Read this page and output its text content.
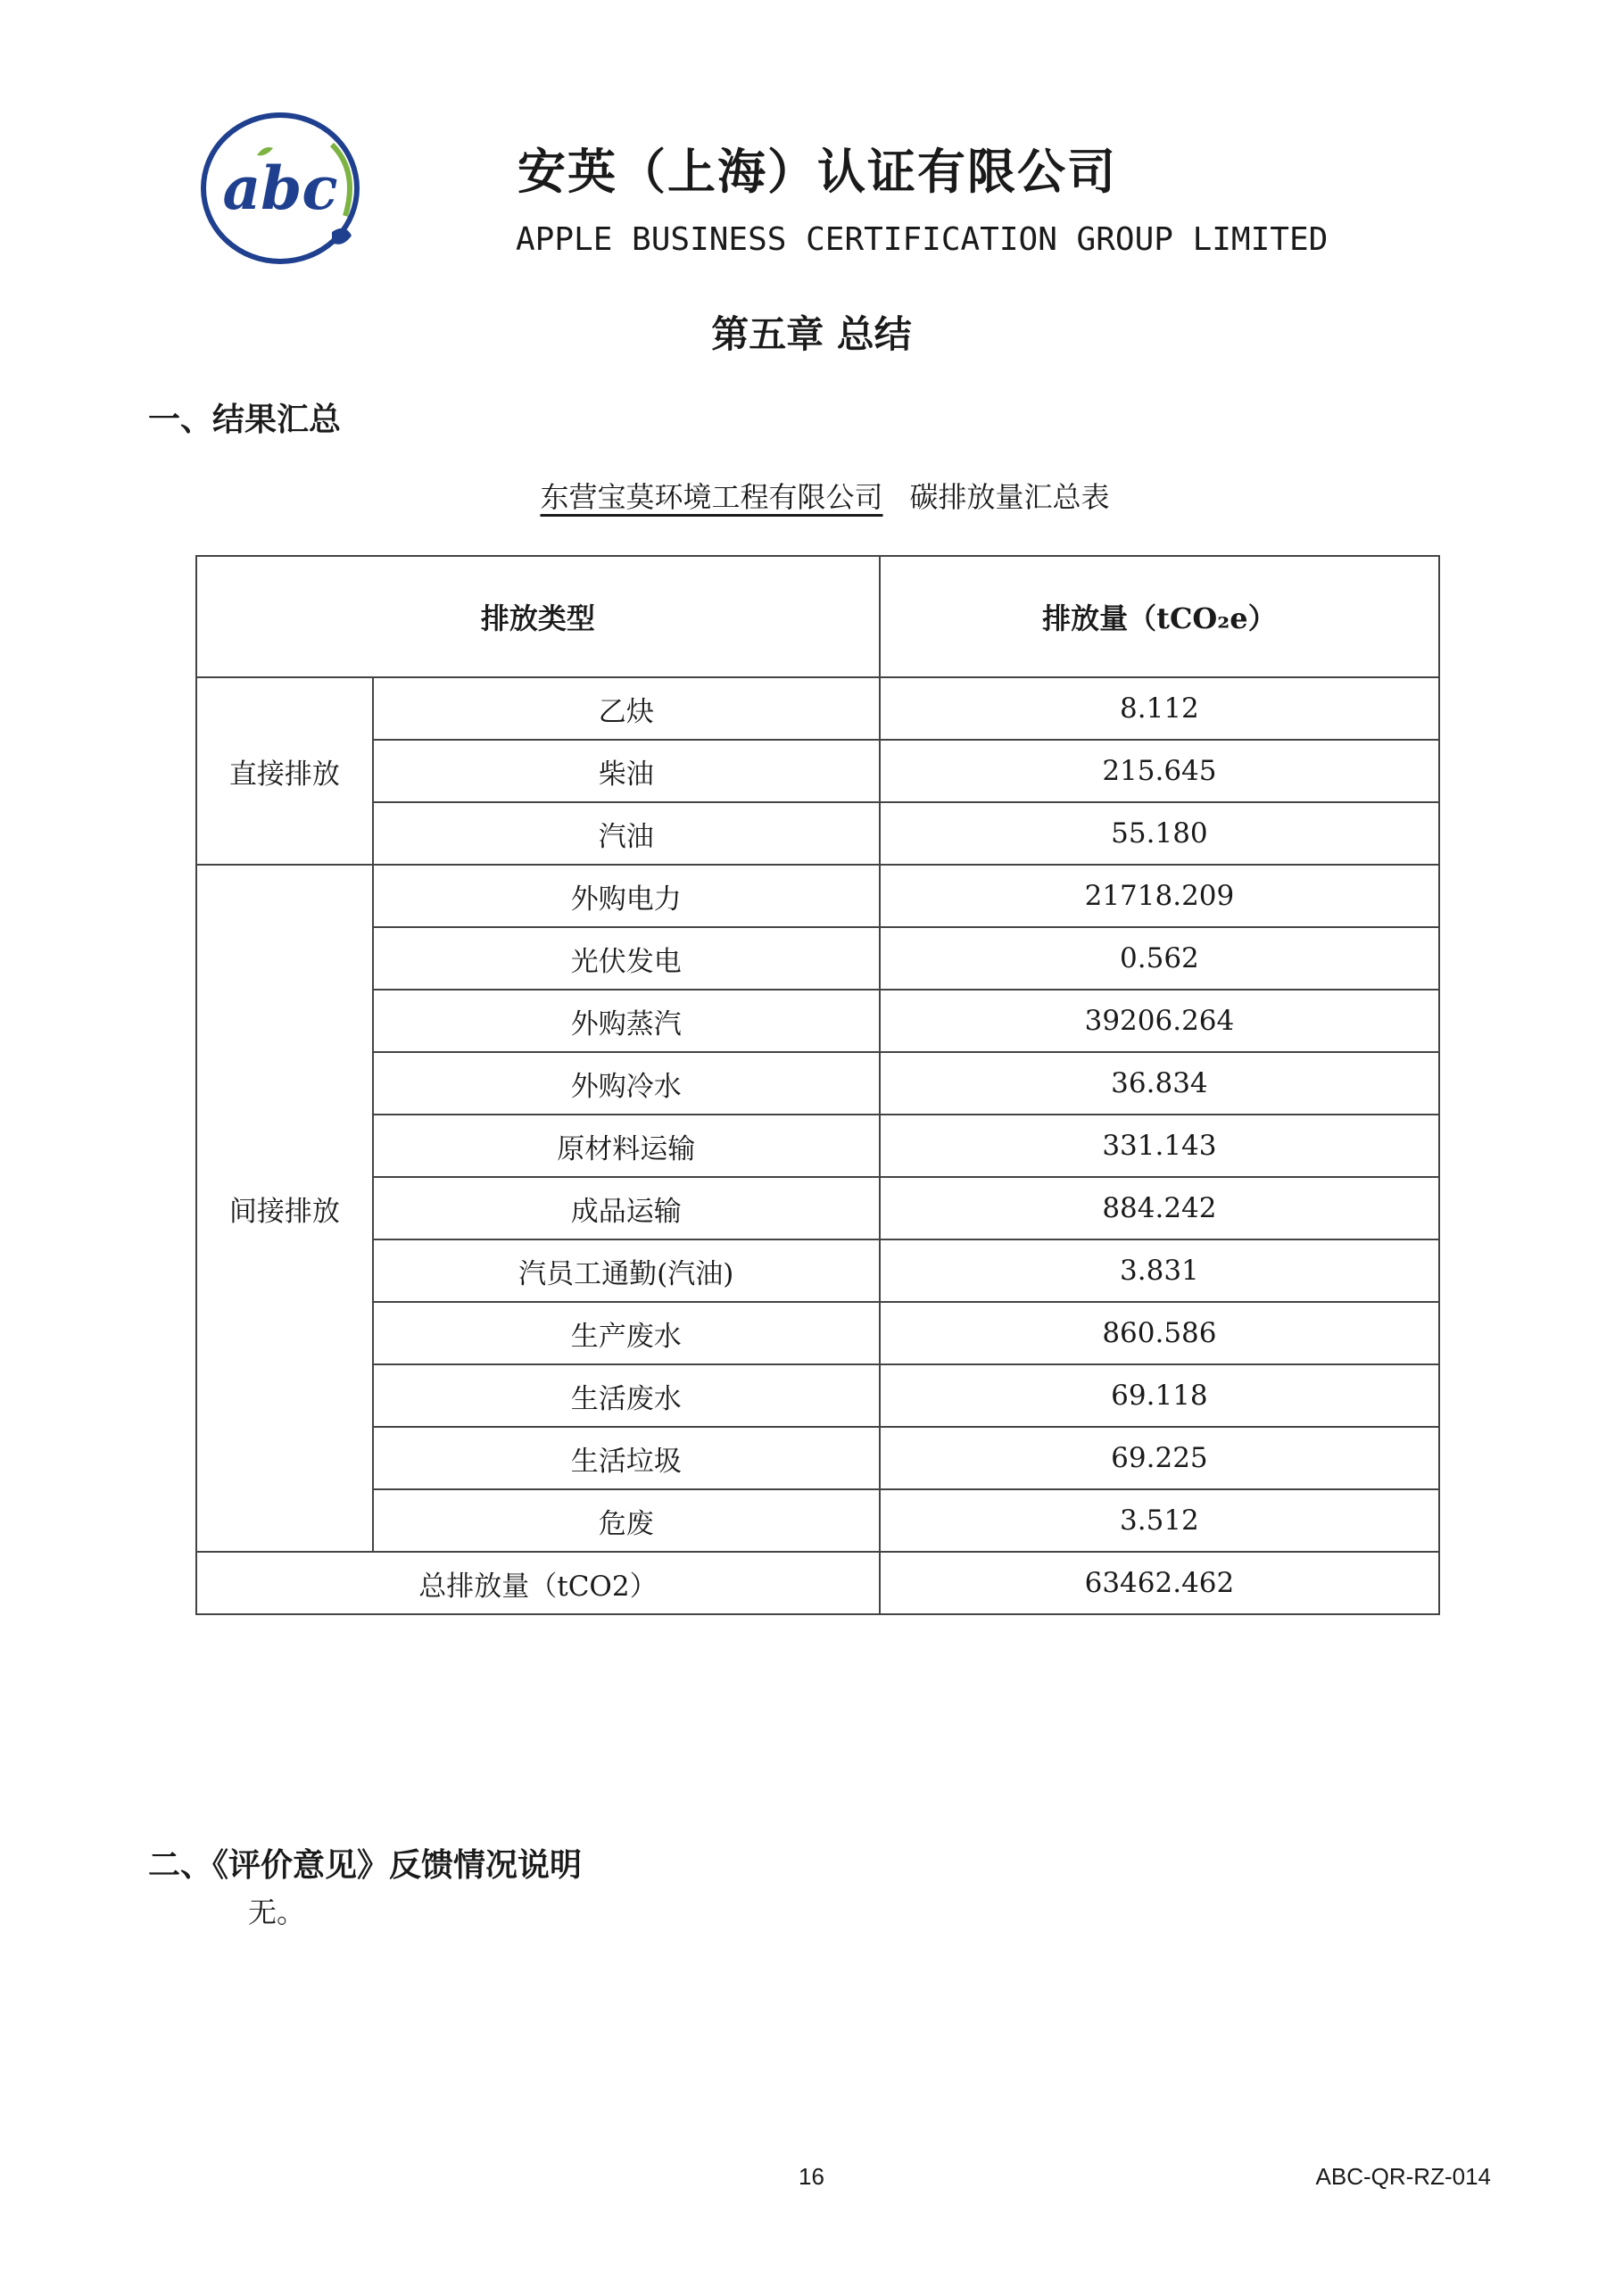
abc	安英（上海）认证有限公司
APPLE BUSINESS CERTIFICATION GROUP LIMITED
第五章 总结
一、结果汇总
东营宝莫环境工程有限公司 碳排放量汇总表
排放类型		排放量（tCO₂e）
直接排放	乙炔	8.112
	柴油	215.645
	汽油	55.180
间接排放	外购电力	21718.209
	光伏发电	0.562
	外购蒸汽	39206.264
	外购冷水	36.834
	原材料运输	331.143
	成品运输	884.242
	汽员工通勤(汽油)	3.831
	生产废水	860.586
	生活废水	69.118
	生活垃圾	69.225
	危废	3.512
总排放量（tCO2）		63462.462
二、《评价意见》反馈情况说明
无。
16	ABC-QR-RZ-014
